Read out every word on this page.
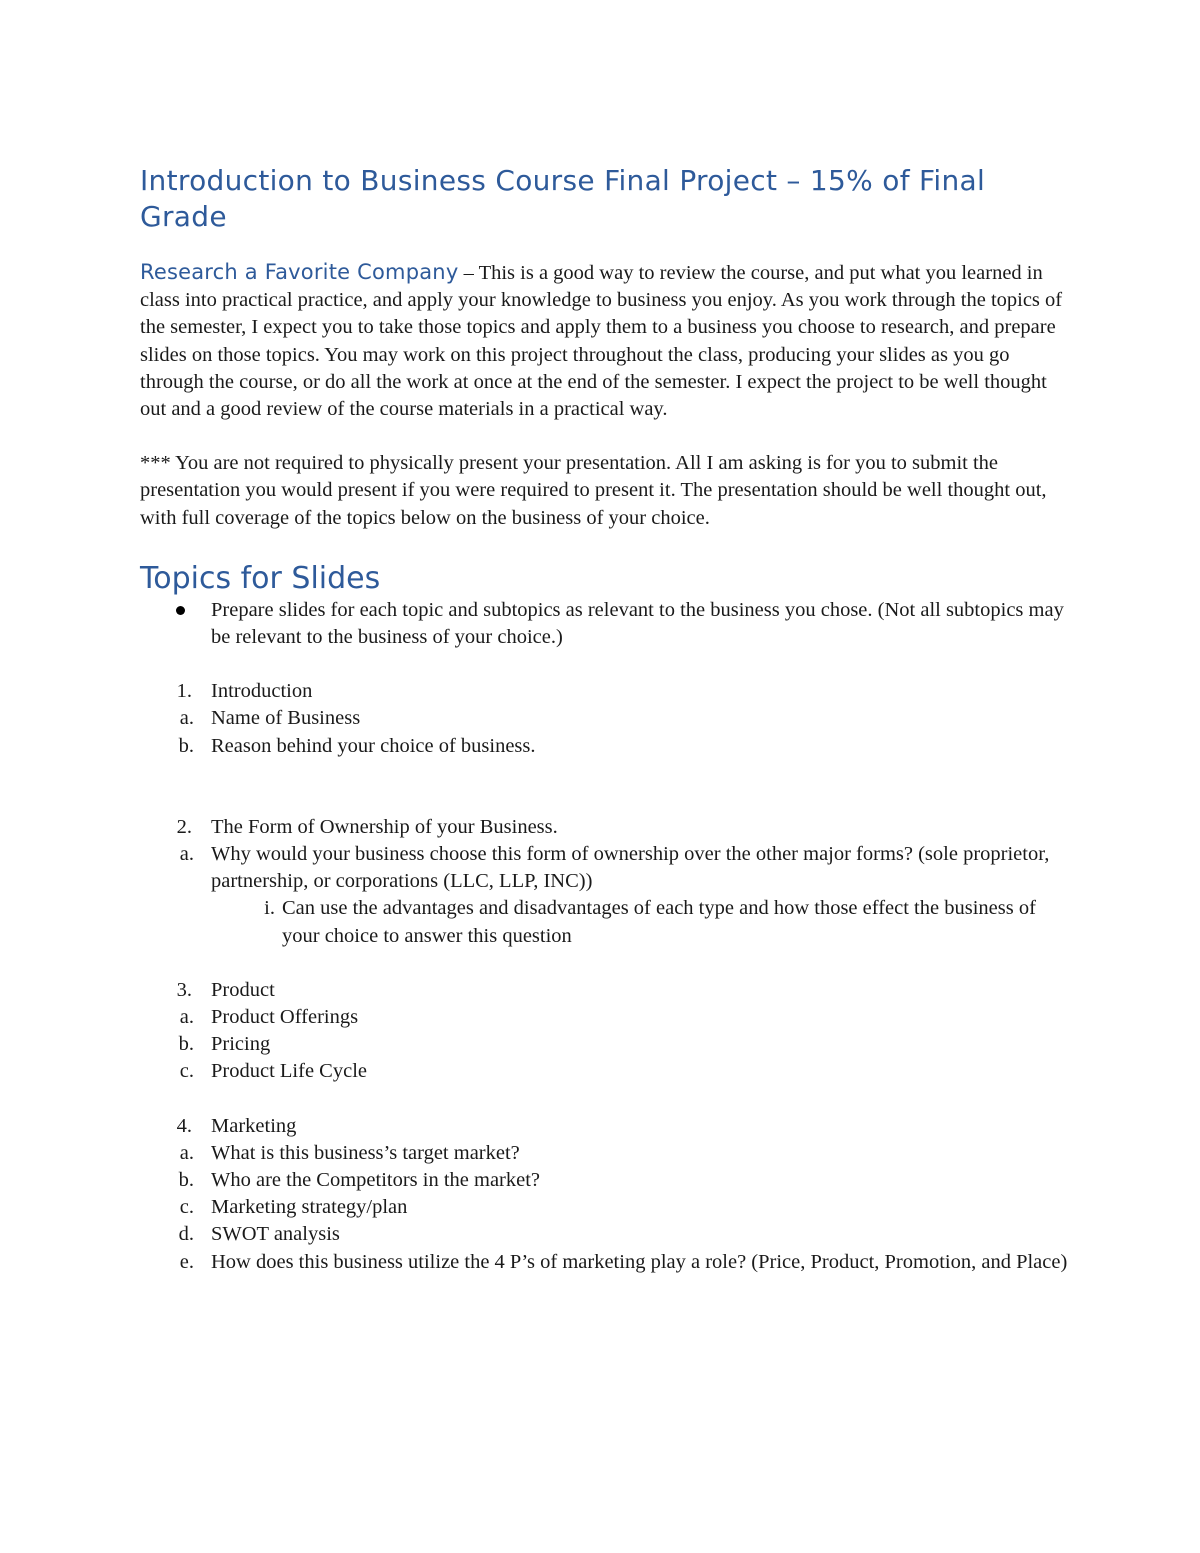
Introduction to Business Course Final Project – 15% of Final Grade

Research a Favorite Company – This is a good way to review the course, and put what you learned in class into practical practice, and apply your knowledge to business you enjoy. As you work through the topics of the semester, I expect you to take those topics and apply them to a business you choose to research, and prepare slides on those topics. You may work on this project throughout the class, producing your slides as you go through the course, or do all the work at once at the end of the semester. I expect the project to be well thought out and a good review of the course materials in a practical way.

*** You are not required to physically present your presentation. All I am asking is for you to submit the presentation you would present if you were required to present it. The presentation should be well thought out, with full coverage of the topics below on the business of your choice.

Topics for Slides
Prepare slides for each topic and subtopics as relevant to the business you chose. (Not all subtopics may be relevant to the business of your choice.)
1. Introduction
a. Name of Business
b. Reason behind your choice of business.
2. The Form of Ownership of your Business.
a. Why would your business choose this form of ownership over the other major forms? (sole proprietor, partnership, or corporations (LLC, LLP, INC))
i. Can use the advantages and disadvantages of each type and how those effect the business of your choice to answer this question
3. Product
a. Product Offerings
b. Pricing
c. Product Life Cycle
4. Marketing
a. What is this business’s target market?
b. Who are the Competitors in the market?
c. Marketing strategy/plan
d. SWOT analysis
e. How does this business utilize the 4 P’s of marketing play a role? (Price, Product, Promotion, and Place)
